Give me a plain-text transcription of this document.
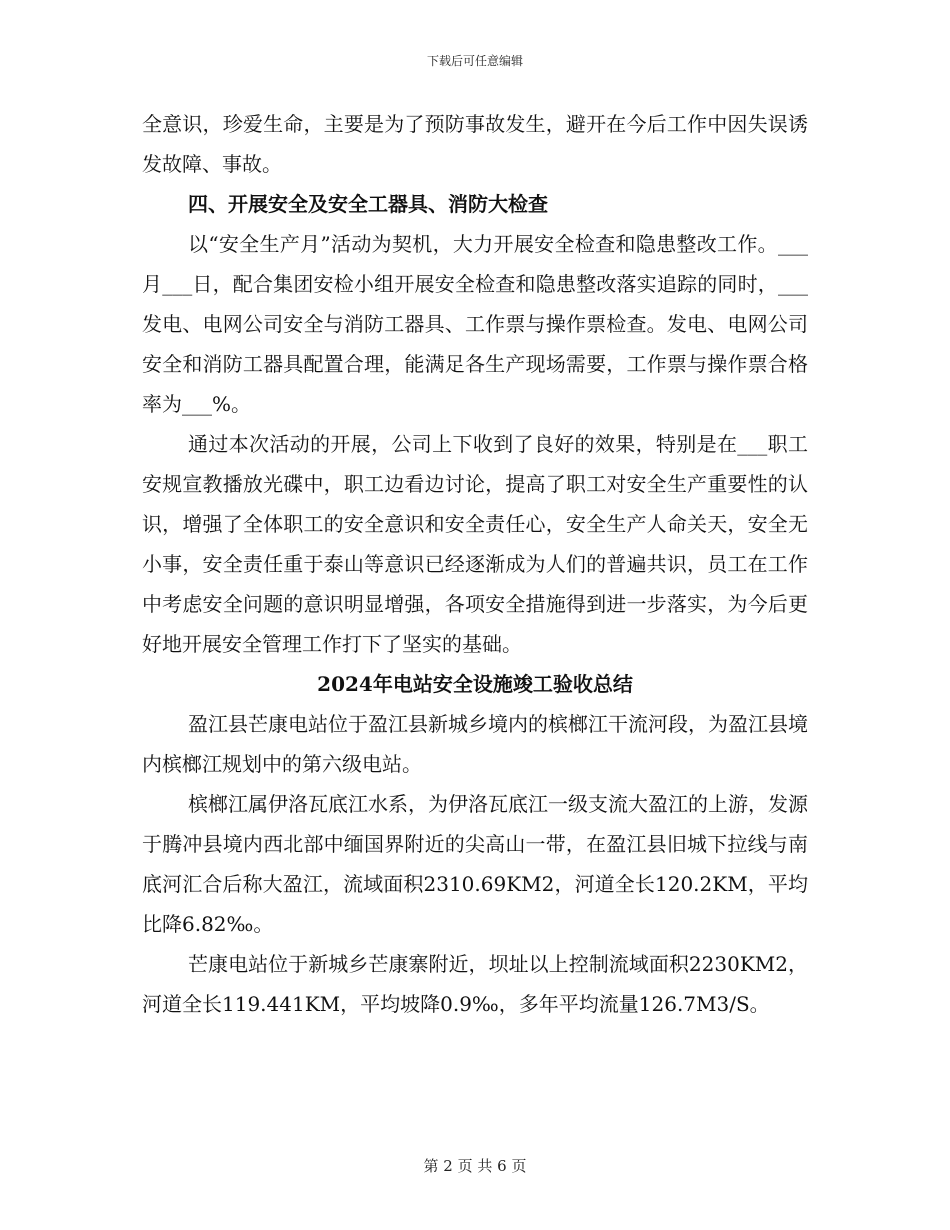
下载后可任意编辑

全意识，珍爱生命，主要是为了预防事故发生，避开在今后工作中因失误诱发故障、事故。

四、开展安全及安全工器具、消防大检查

以“安全生产月”活动为契机，大力开展安全检查和隐患整改工作。___月___日，配合集团安检小组开展安全检查和隐患整改落实追踪的同时，___发电、电网公司安全与消防工器具、工作票与操作票检查。发电、电网公司安全和消防工器具配置合理，能满足各生产现场需要，工作票与操作票合格率为___%。

通过本次活动的开展，公司上下收到了良好的效果，特别是在___职工安规宣教播放光碟中，职工边看边讨论，提高了职工对安全生产重要性的认识，增强了全体职工的安全意识和安全责任心，安全生产人命关天，安全无小事，安全责任重于泰山等意识已经逐渐成为人们的普遍共识，员工在工作中考虑安全问题的意识明显增强，各项安全措施得到进一步落实，为今后更好地开展安全管理工作打下了坚实的基础。

2024年电站安全设施竣工验收总结

盈江县芒康电站位于盈江县新城乡境内的槟榔江干流河段，为盈江县境内槟榔江规划中的第六级电站。

槟榔江属伊洛瓦底江水系，为伊洛瓦底江一级支流大盈江的上游，发源于腾冲县境内西北部中缅国界附近的尖高山一带，在盈江县旧城下拉线与南底河汇合后称大盈江，流域面积2310.69KM2，河道全长120.2KM，平均比降6.82‰。

芒康电站位于新城乡芒康寨附近，坝址以上控制流域面积2230KM2，河道全长119.441KM，平均坡降0.9‰，多年平均流量126.7M3/S。

第 2 页 共 6 页
